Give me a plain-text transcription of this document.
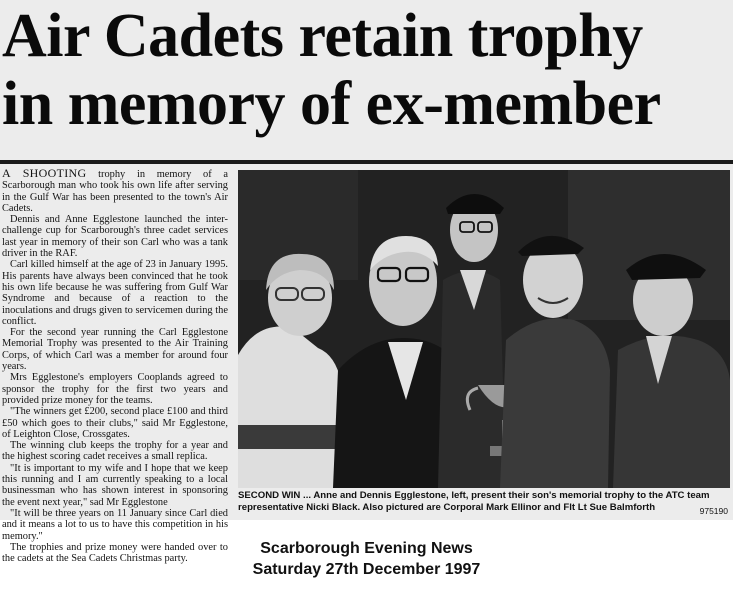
Air Cadets retain trophy
in memory of ex-member

A SHOOTING trophy in memory of a Scarborough man who took his own life after serving in the Gulf War has been presented to the town's Air Cadets.

Dennis and Anne Egglestone launched the inter-challenge cup for Scarborough's three cadet services last year in memory of their son Carl who was a tank driver in the RAF.

Carl killed himself at the age of 23 in January 1995. His parents have always been convinced that he took his own life because he was suffering from Gulf War Syndrome and because of a reaction to the inoculations and drugs given to servicemen during the conflict.

For the second year running the Carl Egglestone Memorial Trophy was presented to the Air Training Corps, of which Carl was a member for around four years.

Mrs Egglestone's employers Cooplands agreed to sponsor the trophy for the first two years and provided prize money for the teams.

"The winners get £200, second place £100 and third £50 which goes to their clubs," said Mr Egglestone, of Leighton Close, Crossgates.

The winning club keeps the trophy for a year and the highest scoring cadet receives a small replica.

"It is important to my wife and I hope that we keep this running and I am currently speaking to a local businessman who has shown interest in sponsoring the event next year," sad Mr Egglestone

"It will be three years on 11 January since Carl died and it means a lot to us to have this competition in his memory."

The trophies and prize money were handed over to the cadets at the Sea Cadets Christmas party.

SECOND WIN ... Anne and Dennis Egglestone, left, present their son's memorial trophy to the ATC team representative Nicki Black. Also pictured are Corporal Mark Ellinor and Flt Lt Sue Balmforth	975190
Scarborough Evening News
Saturday 27th December 1997
